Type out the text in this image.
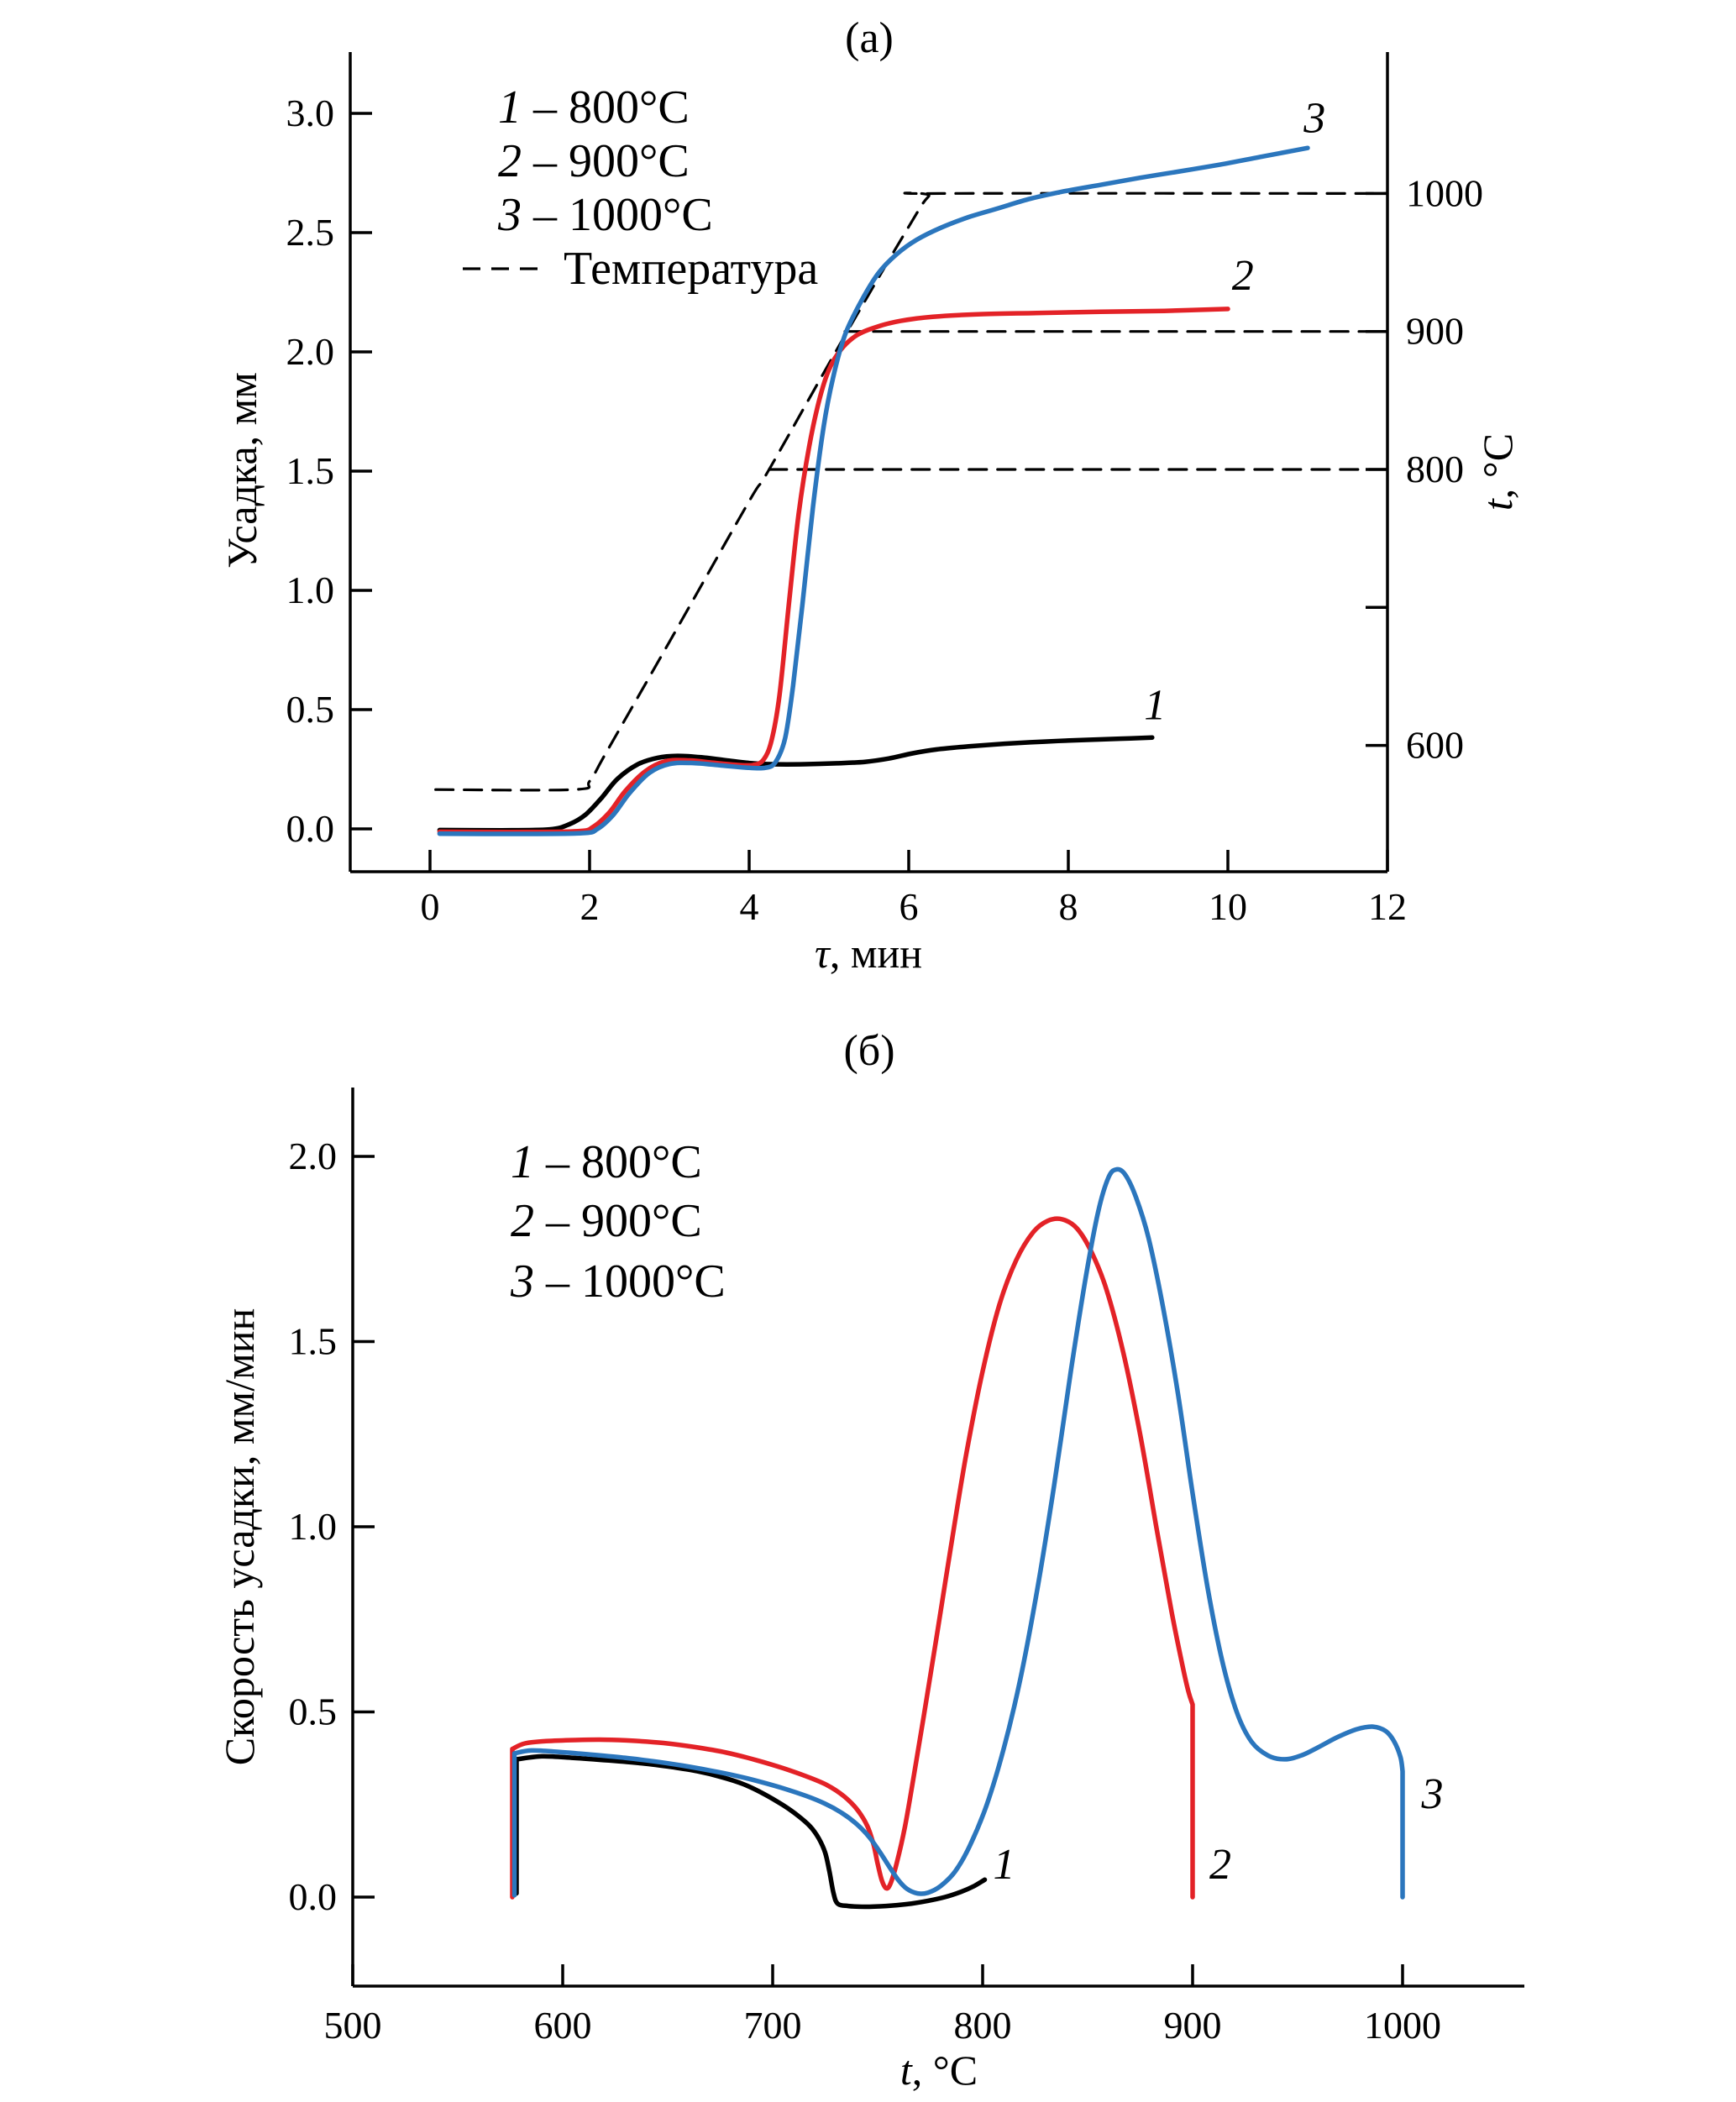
0	2	4	6	8	10	12
0.0
0.5
1.0
1.5
2.0
2.5
3.0
600
800
900
1000
1
2
3
(а)
τ, мин
Усадка, мм	t, °C
1 – 800°C
2 – 900°C
3 – 1000°C
Температура
500	600	700	800	900	1000
0.0
0.5
1.0
1.5
2.0
1	2
3
(б)
t, °C
Скорость усадки, мм/мин
1 – 800°C
2 – 900°C
3 – 1000°C
